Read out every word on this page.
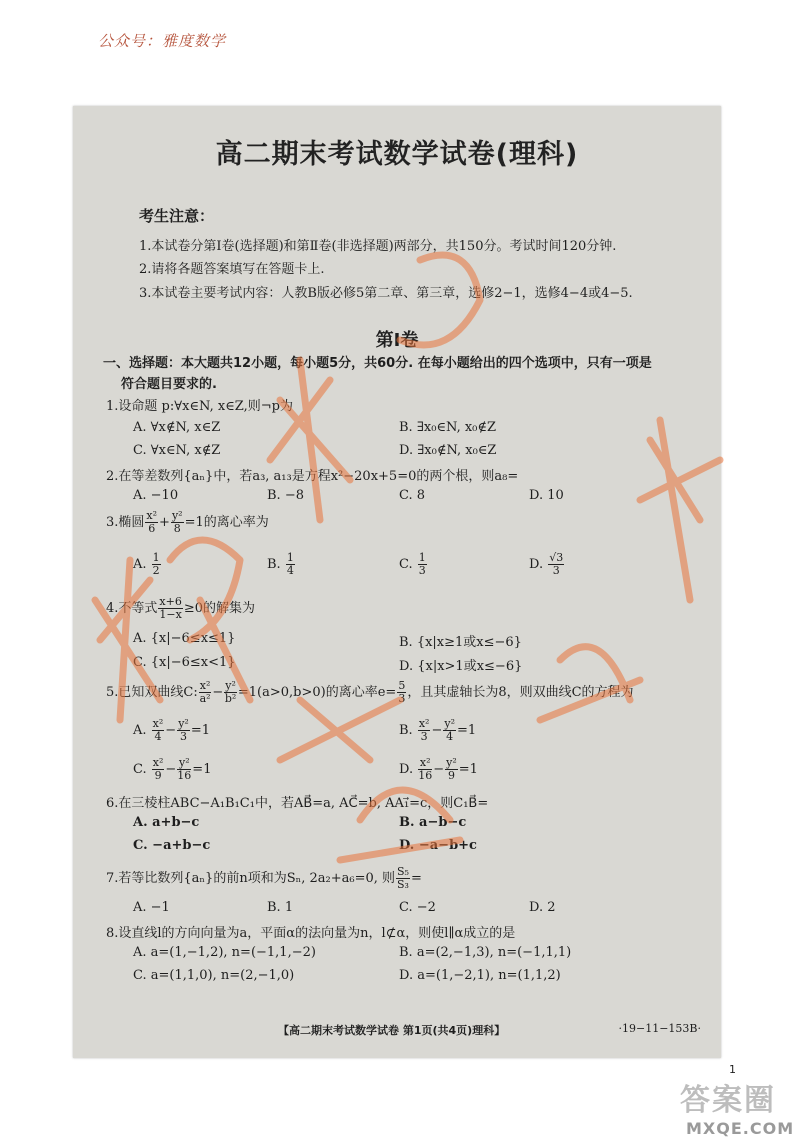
公众号：雅度数学
高二期末考试数学试卷(理科)
考生注意：
1.本试卷分第Ⅰ卷(选择题)和第Ⅱ卷(非选择题)两部分，共150分。考试时间120分钟.
2.请将各题答案填写在答题卡上.
3.本试卷主要考试内容：人教B版必修5第二章、第三章，选修2−1，选修4−4或4−5.
第Ⅰ卷
一、选择题：本大题共12小题，每小题5分，共60分. 在每小题给出的四个选项中，只有一项是
符合题目要求的.
1.设命题 p:∀x∈N, x∈Z,则¬p为
A. ∀x∉N, x∈Z	B. ∃x₀∈N, x₀∉Z
C. ∀x∈N, x∉Z	D. ∃x₀∉N, x₀∈Z
2.在等差数列{aₙ}中，若a₃, a₁₃是方程x²−20x+5=0的两个根，则a₈=
A. −10	B. −8	C. 8	D. 10
3.椭圆 $\frac{\text{x²}}{6} + \frac{\text{y²}}{8} =1$的离心率为
A. $\frac{1}{2}$	B. $\frac{1}{4}$	C. $\frac{1}{3}$	D. $\frac{√3}{3}$
4.不等式 $\frac{x+6}{1-x} \ge 0$的解集为
A. {x|−6≤x≤1}	B. {x|x≥1或x≤−6}
C. {x|−6≤x<1}	D. {x|x>1或x≤−6}
5.已知双曲线C: $\frac{\text{x²}}{\text{a²}} - \frac{\text{y²}}{\text{b²}} =1(a>0,b>0)$的离心率$e= \frac{5}{3}$ ，且其虚轴长为8，则双曲线C的方程为
A. $\frac{\text{x²}}{4} - \frac{\text{y²}}{3} =1$	B. $\frac{\text{x²}}{3} - \frac{\text{y²}}{4} =1$
C. $\frac{\text{x²}}{9} - \frac{\text{y²}}{16} =1$	D. $\frac{\text{x²}}{16} - \frac{\text{y²}}{9} =1$
6.在三棱柱ABC−A₁B₁C₁中，若AB⃗=a, AC⃗=b, AA₁⃗=c，则C₁B⃗=
A. a+b−c	B. a−b−c
C. −a+b−c	D. −a−b+c
7.若等比数列{aₙ}的前n项和为Sₙ, 2a₂+a₆=0, 则 $\frac{\text{S₅}}{\text{S₃}}$ =
A. −1	B. 1	C. −2	D. 2
8.设直线l的方向向量为a，平面α的法向量为n，l⊄α，则使l∥α成立的是
A. a=(1,−1,2), n=(−1,1,−2)	B. a=(2,−1,3), n=(−1,1,1)
C. a=(1,1,0), n=(2,−1,0)	D. a=(1,−2,1), n=(1,1,2)
【高二期末考试数学试卷 第1页(共4页)理科】	·19−11−153B·
1
答案圈
MXQE.COM
